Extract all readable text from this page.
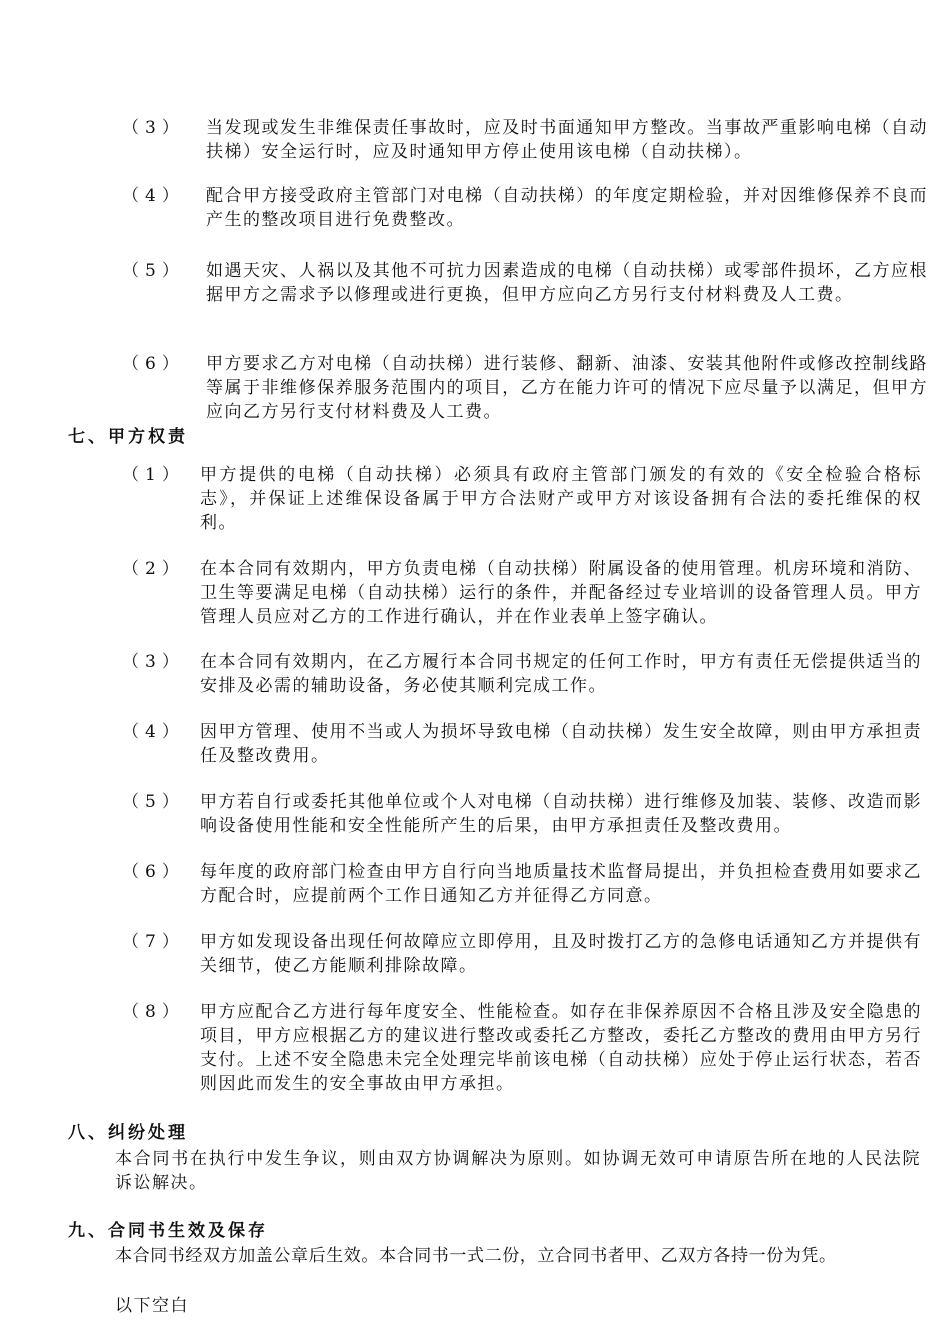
（3）	当发现或发生非维保责任事故时，应及时书面通知甲方整改。当事故严重影响电梯（自动扶梯）安全运行时，应及时通知甲方停止使用该电梯（自动扶梯）。
（4）	配合甲方接受政府主管部门对电梯（自动扶梯）的年度定期检验，并对因维修保养不良而产生的整改项目进行免费整改。
（5）	如遇天灾、人祸以及其他不可抗力因素造成的电梯（自动扶梯）或零部件损坏，乙方应根据甲方之需求予以修理或进行更换，但甲方应向乙方另行支付材料费及人工费。
（6）	甲方要求乙方对电梯（自动扶梯）进行装修、翻新、油漆、安装其他附件或修改控制线路等属于非维修保养服务范围内的项目，乙方在能力许可的情况下应尽量予以满足，但甲方应向乙方另行支付材料费及人工费。
七、甲方权责
（1） 甲方提供的电梯（自动扶梯）必须具有政府主管部门颁发的有效的《安全检验合格标志》，并保证上述维保设备属于甲方合法财产或甲方对该设备拥有合法的委托维保的权利。
（2） 在本合同有效期内，甲方负责电梯（自动扶梯）附属设备的使用管理。机房环境和消防、卫生等要满足电梯（自动扶梯）运行的条件，并配备经过专业培训的设备管理人员。甲方管理人员应对乙方的工作进行确认，并在作业表单上签字确认。
（3） 在本合同有效期内，在乙方履行本合同书规定的任何工作时，甲方有责任无偿提供适当的安排及必需的辅助设备，务必使其顺利完成工作。
（4） 因甲方管理、使用不当或人为损坏导致电梯（自动扶梯）发生安全故障，则由甲方承担责任及整改费用。
（5） 甲方若自行或委托其他单位或个人对电梯（自动扶梯）进行维修及加装、装修、改造而影响设备使用性能和安全性能所产生的后果，由甲方承担责任及整改费用。
（6） 每年度的政府部门检查由甲方自行向当地质量技术监督局提出，并负担检查费用如要求乙方配合时，应提前两个工作日通知乙方并征得乙方同意。
（7） 甲方如发现设备出现任何故障应立即停用，且及时拨打乙方的急修电话通知乙方并提供有关细节，使乙方能顺利排除故障。
（8） 甲方应配合乙方进行每年度安全、性能检查。如存在非保养原因不合格且涉及安全隐患的项目，甲方应根据乙方的建议进行整改或委托乙方整改，委托乙方整改的费用由甲方另行支付。上述不安全隐患未完全处理完毕前该电梯（自动扶梯）应处于停止运行状态，若否则因此而发生的安全事故由甲方承担。
八、纠纷处理
本合同书在执行中发生争议，则由双方协调解决为原则。如协调无效可申请原告所在地的人民法院诉讼解决。
九、合同书生效及保存
本合同书经双方加盖公章后生效。本合同书一式二份，立合同书者甲、乙双方各持一份为凭。
以下空白
